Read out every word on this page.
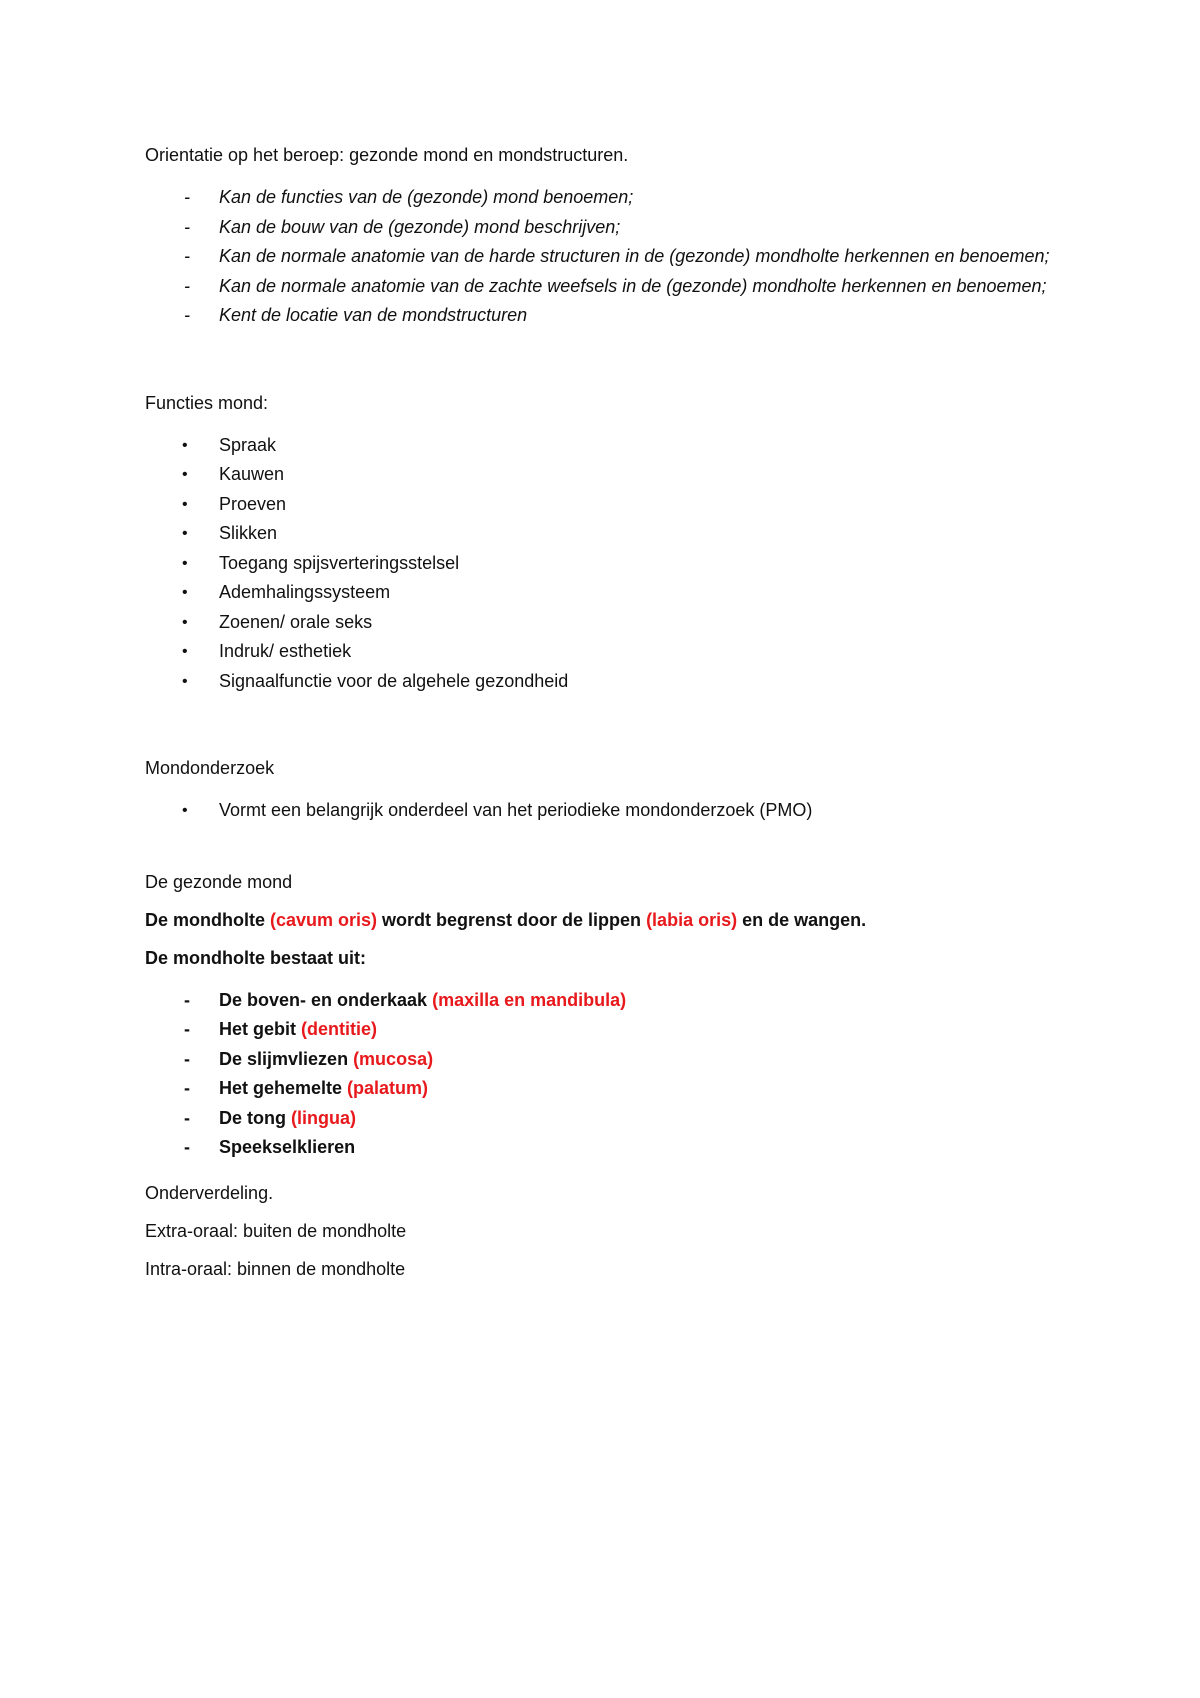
Orientatie op het beroep: gezonde mond en mondstructuren.

- Kan de functies van de (gezonde) mond benoemen;
- Kan de bouw van de (gezonde) mond beschrijven;
- Kan de normale anatomie van de harde structuren in de (gezonde) mondholte herkennen en benoemen;
- Kan de normale anatomie van de zachte weefsels in de (gezonde) mondholte herkennen en benoemen;
- Kent de locatie van de mondstructuren

Functies mond:

• Spraak
• Kauwen
• Proeven
• Slikken
• Toegang spijsverteringsstelsel
• Ademhalingssysteem
• Zoenen/ orale seks
• Indruk/ esthetiek
• Signaalfunctie voor de algehele gezondheid

Mondonderzoek

• Vormt een belangrijk onderdeel van het periodieke mondonderzoek (PMO)

De gezonde mond

De mondholte (cavum oris) wordt begrenst door de lippen (labia oris) en de wangen.

De mondholte bestaat uit:

- De boven- en onderkaak (maxilla en mandibula)
- Het gebit (dentitie)
- De slijmvliezen (mucosa)
- Het gehemelte (palatum)
- De tong (lingua)
- Speekselklieren

Onderverdeling.

Extra-oraal: buiten de mondholte

Intra-oraal: binnen de mondholte
